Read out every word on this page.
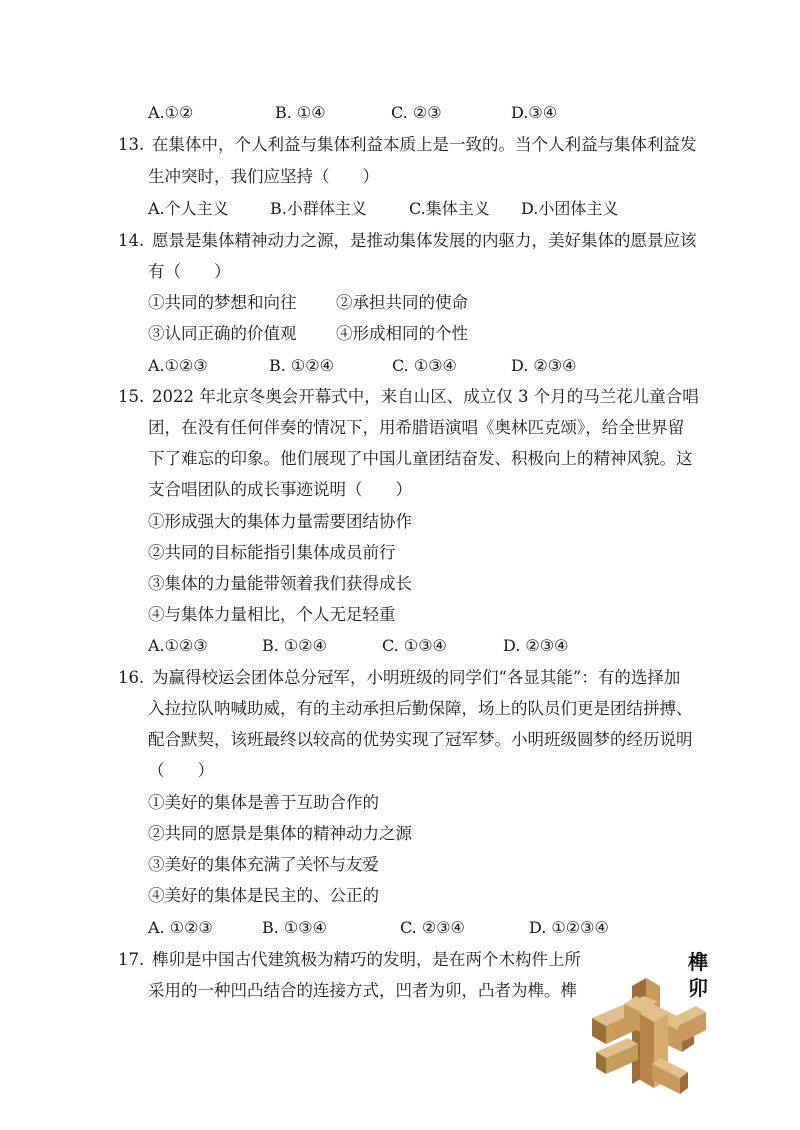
A.①②	B. ①④	C. ②③	D.③④
13. 在集体中，个人利益与集体利益本质上是一致的。当个人利益与集体利益发
生冲突时，我们应坚持（　　）
A.个人主义	B.小群体主义	C.集体主义 D.小团体主义
14. 愿景是集体精神动力之源，是推动集体发展的内驱力，美好集体的愿景应该
有（　　）
①共同的梦想和向往 ②承担共同的使命
③认同正确的价值观 ④形成相同的个性
A.①②③	B. ①②④	C. ①③④	D. ②③④
15. 2022 年北京冬奥会开幕式中，来自山区、成立仅 3 个月的马兰花儿童合唱
团，在没有任何伴奏的情况下，用希腊语演唱《奥林匹克颂》，给全世界留
下了难忘的印象。他们展现了中国儿童团结奋发、积极向上的精神风貌。这
支合唱团队的成长事迹说明（　　）
①形成强大的集体力量需要团结协作
②共同的目标能指引集体成员前行
③集体的力量能带领着我们获得成长
④与集体力量相比，个人无足轻重
A.①②③	B. ①②④	C. ①③④	D. ②③④
16. 为赢得校运会团体总分冠军，小明班级的同学们“各显其能”：有的选择加
入拉拉队呐喊助威，有的主动承担后勤保障，场上的队员们更是团结拼搏、
配合默契，该班最终以较高的优势实现了冠军梦。小明班级圆梦的经历说明
（　　）
①美好的集体是善于互助合作的
②共同的愿景是集体的精神动力之源
③美好的集体充满了关怀与友爱
④美好的集体是民主的、公正的
A. ①②③	B. ①③④	C. ②③④	D. ①②③④
17. 榫卯是中国古代建筑极为精巧的发明，是在两个木构件上所
采用的一种凹凸结合的连接方式，凹者为卯，凸者为榫。榫
榫
卯
